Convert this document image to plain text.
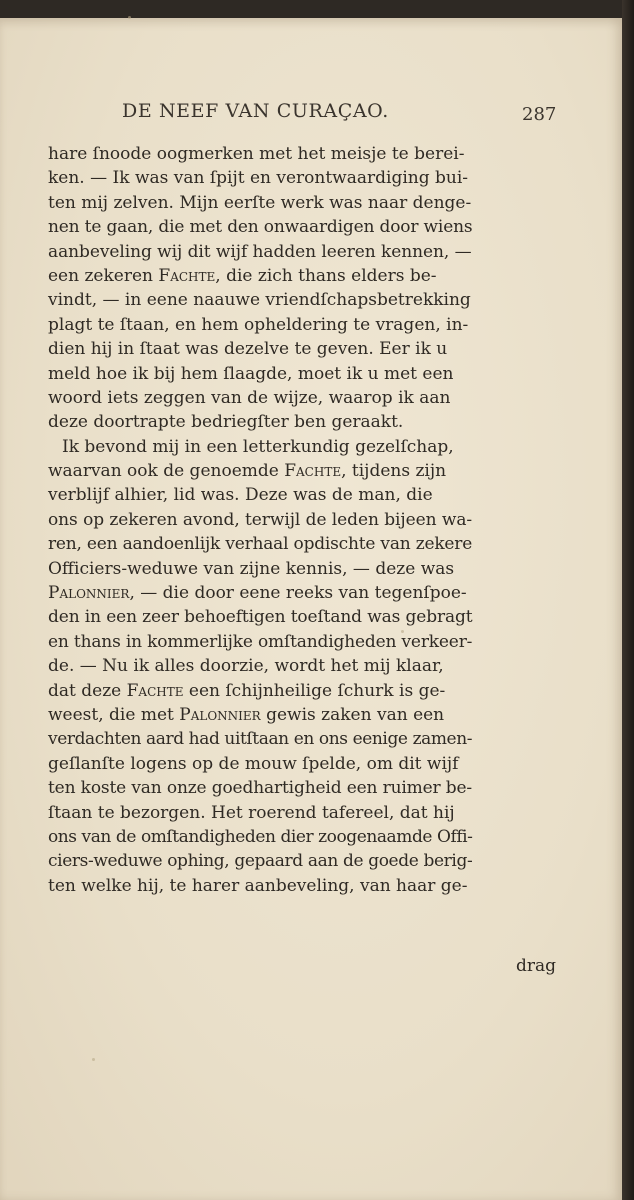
DE NEEF VAN CURAÇAO.	287
hare ſnoode oogmerken met het meisje te berei-
ken. — Ik was van ſpijt en verontwaardiging bui-
ten mij zelven. Mijn eerſte werk was naar denge-
nen te gaan, die met den onwaardigen door wiens
aanbeveling wij dit wijf hadden leeren kennen, —
een zekeren Fachte, die zich thans elders be-
vindt, — in eene naauwe vriendſchapsbetrekking
plagt te ſtaan, en hem opheldering te vragen, in-
dien hij in ſtaat was dezelve te geven. Eer ik u
meld hoe ik bij hem ſlaagde, moet ik u met een
woord iets zeggen van de wijze, waarop ik aan
deze doortrapte bedriegſter ben geraakt.
Ik bevond mij in een letterkundig gezelſchap,
waarvan ook de genoemde Fachte, tijdens zijn
verblijf alhier, lid was. Deze was de man, die
ons op zekeren avond, terwijl de leden bijeen wa-
ren, een aandoenlijk verhaal opdischte van zekere
Officiers-weduwe van zijne kennis, — deze was
Palonnier, — die door eene reeks van tegenſpoe-
den in een zeer behoeftigen toeſtand was gebragt
en thans in kommerlijke omſtandigheden verkeer-
de. — Nu ik alles doorzie, wordt het mij klaar,
dat deze Fachte een ſchijnheilige ſchurk is ge-
weest, die met Palonnier gewis zaken van een
verdachten aard had uitſtaan en ons eenige zamen-
geſlanſte logens op de mouw ſpelde, om dit wijf
ten koste van onze goedhartigheid een ruimer be-
ſtaan te bezorgen. Het roerend tafereel, dat hij
ons van de omſtandigheden dier zoogenaamde Offi-
ciers-weduwe ophing, gepaard aan de goede berig-
ten welke hij, te harer aanbeveling, van haar ge-
drag
